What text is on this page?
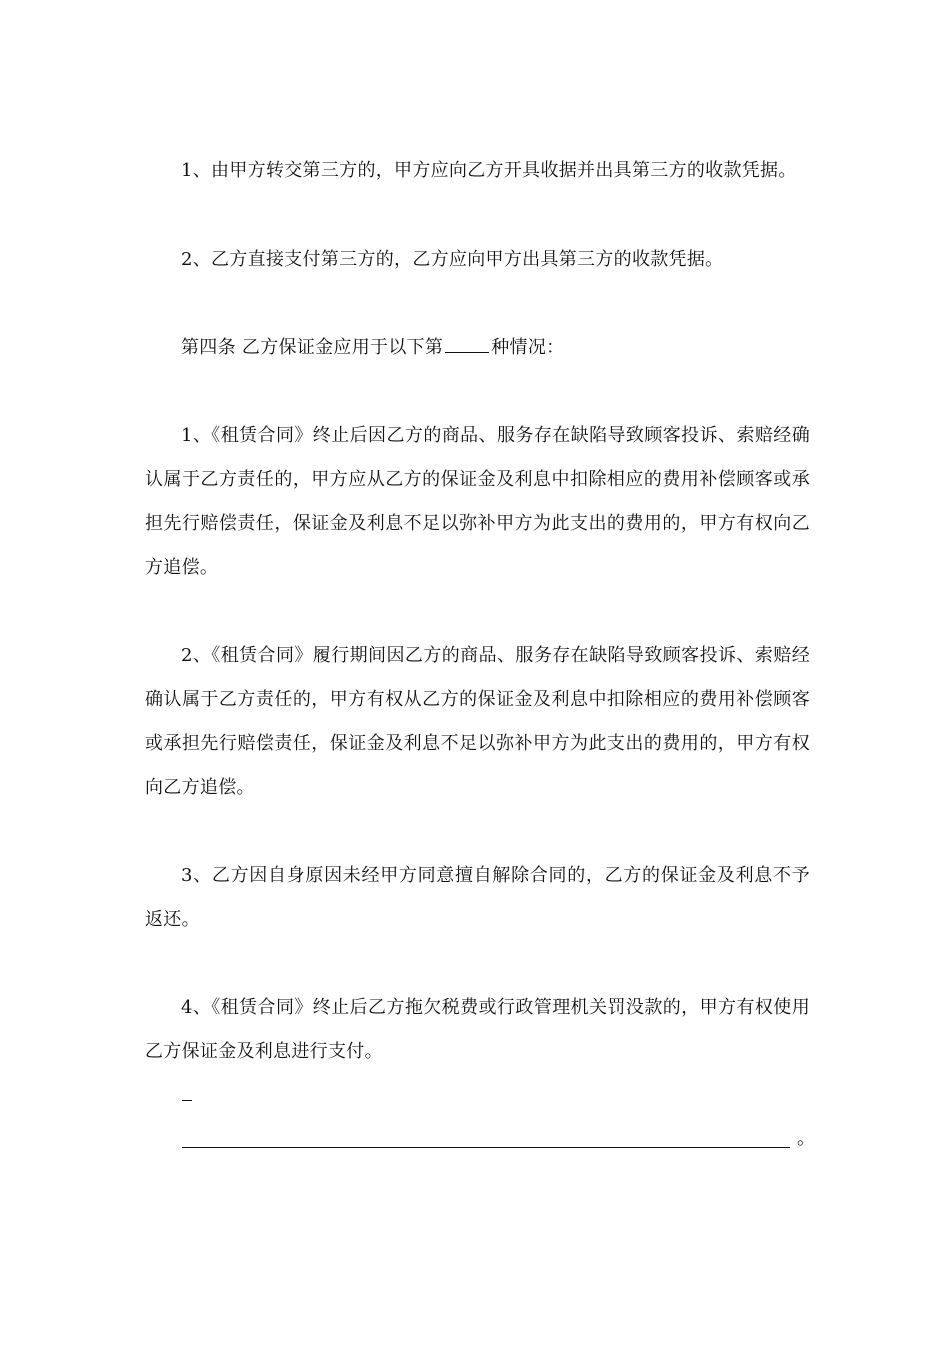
1、由甲方转交第三方的，甲方应向乙方开具收据并出具第三方的收款凭据。

2、乙方直接支付第三方的，乙方应向甲方出具第三方的收款凭据。

第四条 乙方保证金应用于以下第	种情况：

1、《租赁合同》终止后因乙方的商品、服务存在缺陷导致顾客投诉、索赔经确认属于乙方责任的，甲方应从乙方的保证金及利息中扣除相应的费用补偿顾客或承担先行赔偿责任，保证金及利息不足以弥补甲方为此支出的费用的，甲方有权向乙方追偿。

2、《租赁合同》履行期间因乙方的商品、服务存在缺陷导致顾客投诉、索赔经确认属于乙方责任的，甲方有权从乙方的保证金及利息中扣除相应的费用补偿顾客或承担先行赔偿责任，保证金及利息不足以弥补甲方为此支出的费用的，甲方有权向乙方追偿。

3、乙方因自身原因未经甲方同意擅自解除合同的，乙方的保证金及利息不予返还。

4、《租赁合同》终止后乙方拖欠税费或行政管理机关罚没款的，甲方有权使用乙方保证金及利息进行支付。

。
